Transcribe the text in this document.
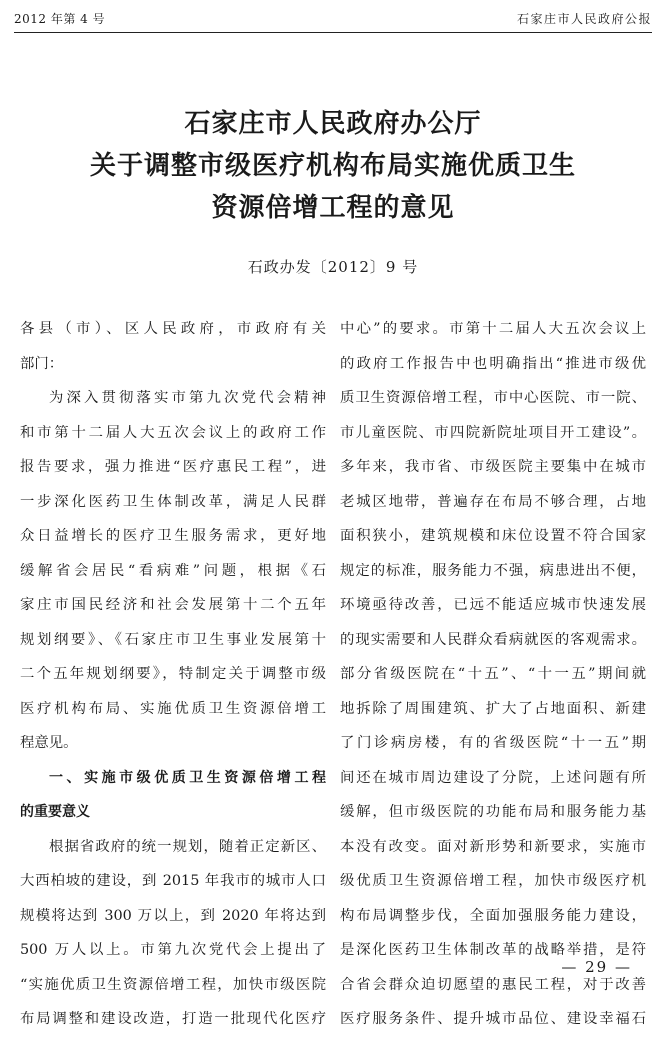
2012 年第 4 号	石家庄市人民政府公报
石家庄市人民政府办公厅
关于调整市级医疗机构布局实施优质卫生
资源倍增工程的意见
石政办发〔2012〕9 号
各县（市）、区人民政府，市政府有关
部门：
为深入贯彻落实市第九次党代会精神
和市第十二届人大五次会议上的政府工作
报告要求，强力推进“医疗惠民工程”，进
一步深化医药卫生体制改革，满足人民群
众日益增长的医疗卫生服务需求，更好地
缓解省会居民“看病难”问题，根据《石
家庄市国民经济和社会发展第十二个五年
规划纲要》、《石家庄市卫生事业发展第十
二个五年规划纲要》，特制定关于调整市级
医疗机构布局、实施优质卫生资源倍增工
程意见。
一、实施市级优质卫生资源倍增工程
的重要意义
根据省政府的统一规划，随着正定新区、
大西柏坡的建设，到 2015 年我市的城市人口
规模将达到 300 万以上，到 2020 年将达到
500 万人以上。市第九次党代会上提出了
“实施优质卫生资源倍增工程，加快市级医院
布局调整和建设改造，打造一批现代化医疗
中心”的要求。市第十二届人大五次会议上
的政府工作报告中也明确指出“推进市级优
质卫生资源倍增工程，市中心医院、市一院、
市儿童医院、市四院新院址项目开工建设”。
多年来，我市省、市级医院主要集中在城市
老城区地带，普遍存在布局不够合理，占地
面积狭小，建筑规模和床位设置不符合国家
规定的标准，服务能力不强，病患进出不便，
环境亟待改善，已远不能适应城市快速发展
的现实需要和人民群众看病就医的客观需求。
部分省级医院在“十五”、“十一五”期间就
地拆除了周围建筑、扩大了占地面积、新建
了门诊病房楼，有的省级医院“十一五”期
间还在城市周边建设了分院，上述问题有所
缓解，但市级医院的功能布局和服务能力基
本没有改变。面对新形势和新要求，实施市
级优质卫生资源倍增工程，加快市级医疗机
构布局调整步伐，全面加强服务能力建设，
是深化医药卫生体制改革的战略举措，是符
合省会群众迫切愿望的惠民工程，对于改善
医疗服务条件、提升城市品位、建设幸福石
— 29 —
